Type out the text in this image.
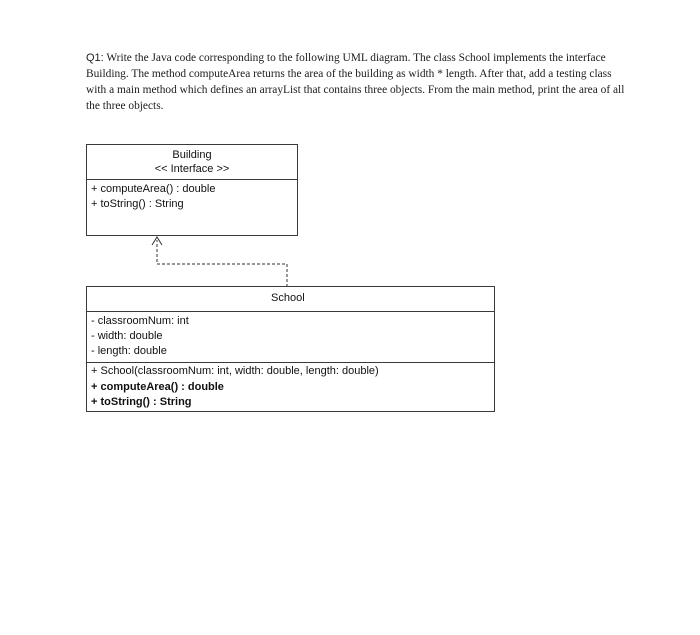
Q1: Write the Java code corresponding to the following UML diagram. The class School implements the interface Building. The method computeArea returns the area of the building as width * length. After that, add a testing class with a main method which defines an arrayList that contains three objects. From the main method, print the area of all the three objects.
Building
<< Interface >>
+ computeArea() : double
+ toString() : String
School
- classroomNum: int
- width: double
- length: double
+ School(classroomNum: int, width: double, length: double)
+ computeArea() : double
+ toString() : String
